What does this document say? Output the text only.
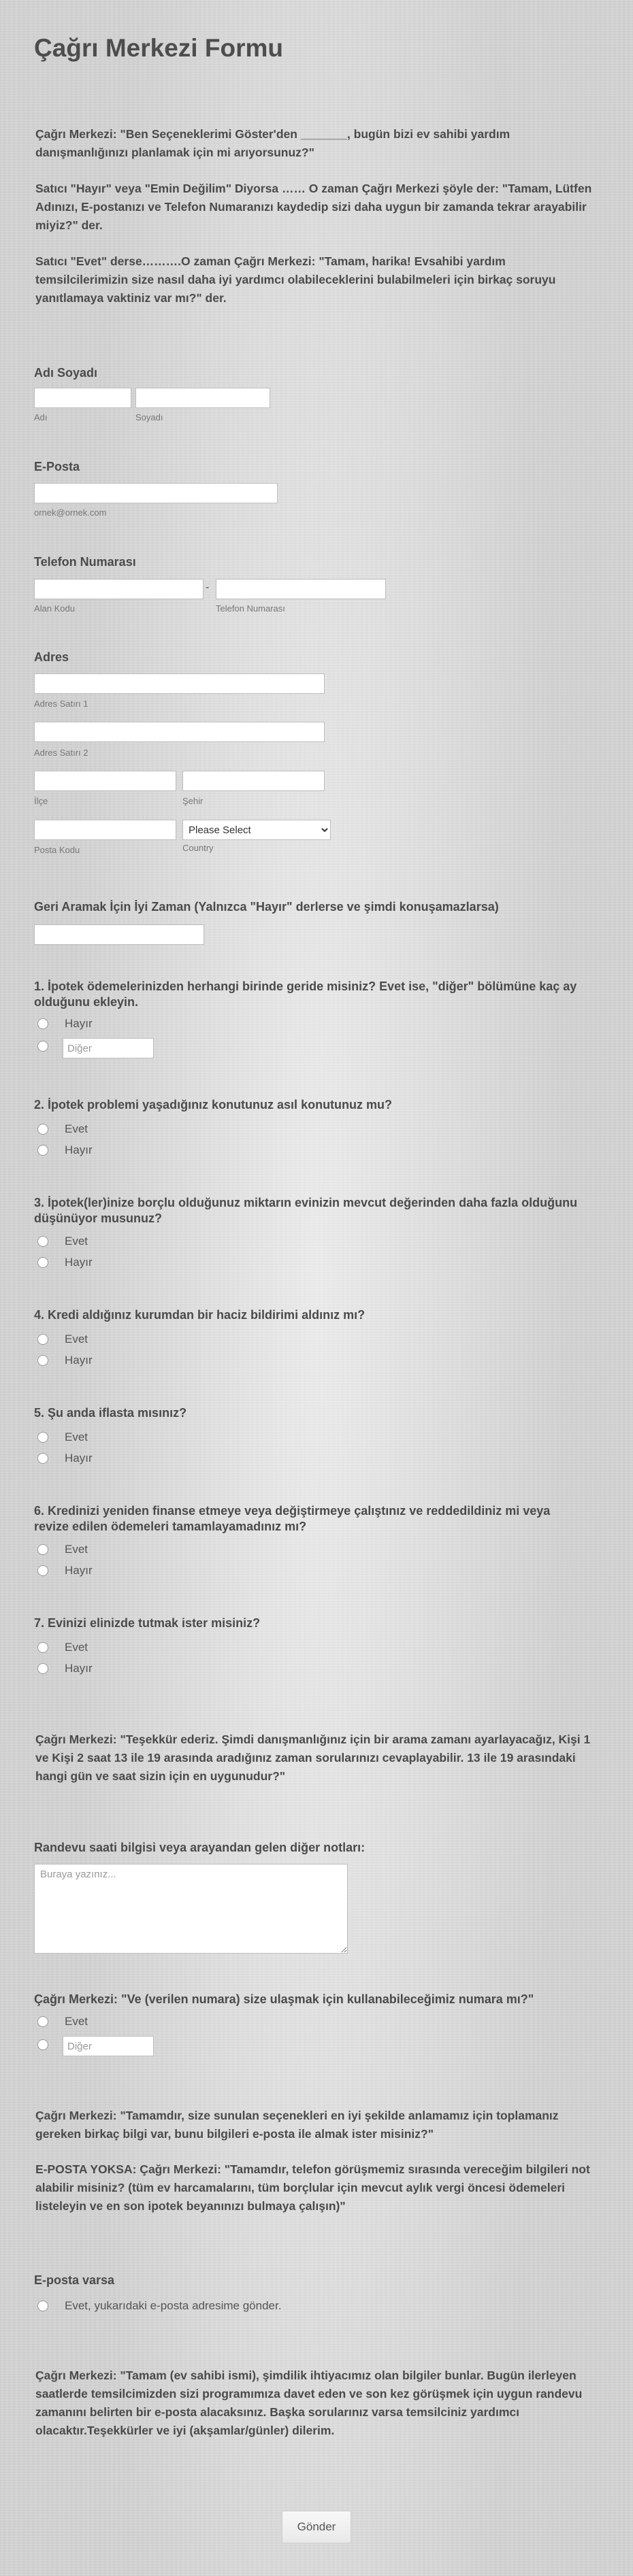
Çağrı Merkezi Formu

Çağrı Merkezi: "Ben Seçeneklerimi Göster'den _______, bugün bizi ev sahibi yardım danışmanlığınızı planlamak için mi arıyorsunuz?"

Satıcı "Hayır" veya "Emin Değilim" Diyorsa …… O zaman Çağrı Merkezi şöyle der: "Tamam, Lütfen Adınızı, E-postanızı ve Telefon Numaranızı kaydedip sizi daha uygun bir zamanda tekrar arayabilir miyiz?" der.

Satıcı "Evet" derse……….O zaman Çağrı Merkezi: "Tamam, harika! Evsahibi yardım temsilcilerimizin size nasıl daha iyi yardımcı olabileceklerini bulabilmeleri için birkaç soruyu yanıtlamaya vaktiniz var mı?" der.

Adı Soyadı
Adı	Soyadı
E-Posta
ornek@ornek.com
Telefon Numarası
-
Alan Kodu	Telefon Numarası
Adres
Adres Satırı 1
Adres Satırı 2
İlçe	Şehir
Please Select
Posta Kodu	Country
Geri Aramak İçin İyi Zaman (Yalnızca "Hayır" derlerse ve şimdi konuşamazlarsa)
1. İpotek ödemelerinizden herhangi birinde geride misiniz? Evet ise, "diğer" bölümüne kaç ay olduğunu ekleyin.
Hayır
Diğer
2. İpotek problemi yaşadığınız konutunuz asıl konutunuz mu?
Evet
Hayır
3. İpotek(ler)inize borçlu olduğunuz miktarın evinizin mevcut değerinden daha fazla olduğunu düşünüyor musunuz?
Evet
Hayır
4. Kredi aldığınız kurumdan bir haciz bildirimi aldınız mı?
Evet
Hayır
5. Şu anda iflasta mısınız?
Evet
Hayır
6. Kredinizi yeniden finanse etmeye veya değiştirmeye çalıştınız ve reddedildiniz mi veya revize edilen ödemeleri tamamlayamadınız mı?
Evet
Hayır
7. Evinizi elinizde tutmak ister misiniz?
Evet
Hayır

Çağrı Merkezi: "Teşekkür ederiz. Şimdi danışmanlığınız için bir arama zamanı ayarlayacağız, Kişi 1 ve Kişi 2 saat 13 ile 19 arasında aradığınız zaman sorularınızı cevaplayabilir. 13 ile 19 arasındaki hangi gün ve saat sizin için en uygunudur?"

Randevu saati bilgisi veya arayandan gelen diğer notları:
Buraya yazınız...
Çağrı Merkezi: "Ve (verilen numara) size ulaşmak için kullanabileceğimiz numara mı?"
Evet
Diğer

Çağrı Merkezi: "Tamamdır, size sunulan seçenekleri en iyi şekilde anlamamız için toplamanız gereken birkaç bilgi var, bunu bilgileri e-posta ile almak ister misiniz?"

E-POSTA YOKSA: Çağrı Merkezi: "Tamamdır, telefon görüşmemiz sırasında vereceğim bilgileri not alabilir misiniz? (tüm ev harcamalarını, tüm borçlular için mevcut aylık vergi öncesi ödemeleri listeleyin ve en son ipotek beyanınızı bulmaya çalışın)"

E-posta varsa
Evet, yukarıdaki e-posta adresime gönder.

Çağrı Merkezi: "Tamam (ev sahibi ismi), şimdilik ihtiyacımız olan bilgiler bunlar. Bugün ilerleyen saatlerde temsilcimizden sizi programımıza davet eden ve son kez görüşmek için uygun randevu zamanını belirten bir e-posta alacaksınız. Başka sorularınız varsa temsilciniz yardımcı olacaktır.Teşekkürler ve iyi (akşamlar/günler) dilerim.

Gönder
